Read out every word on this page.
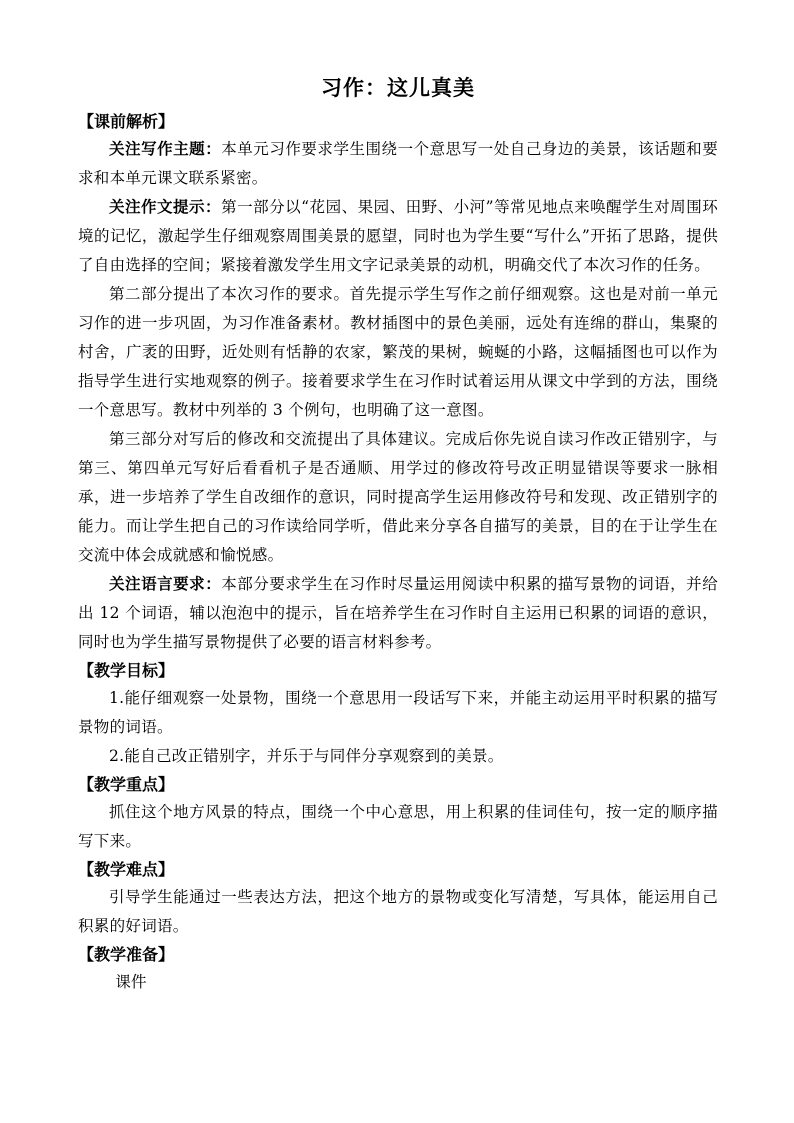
习作：这儿真美

【课前解析】

关注写作主题：本单元习作要求学生围绕一个意思写一处自己身边的美景，该话题和要求和本单元课文联系紧密。

关注作文提示：第一部分以“花园、果园、田野、小河”等常见地点来唤醒学生对周围环境的记忆，激起学生仔细观察周围美景的愿望，同时也为学生要“写什么”开拓了思路，提供了自由选择的空间；紧接着激发学生用文字记录美景的动机，明确交代了本次习作的任务。

第二部分提出了本次习作的要求。首先提示学生写作之前仔细观察。这也是对前一单元习作的进一步巩固，为习作准备素材。教材插图中的景色美丽，远处有连绵的群山，集聚的村舍，广袤的田野，近处则有恬静的农家，繁茂的果树，蜿蜒的小路，这幅插图也可以作为指导学生进行实地观察的例子。接着要求学生在习作时试着运用从课文中学到的方法，围绕一个意思写。教材中列举的 3 个例句，也明确了这一意图。

第三部分对写后的修改和交流提出了具体建议。完成后你先说自读习作改正错别字，与第三、第四单元写好后看看机子是否通顺、用学过的修改符号改正明显错误等要求一脉相承，进一步培养了学生自改细作的意识，同时提高学生运用修改符号和发现、改正错别字的能力。而让学生把自己的习作读给同学听，借此来分享各自描写的美景，目的在于让学生在交流中体会成就感和愉悦感。

关注语言要求：本部分要求学生在习作时尽量运用阅读中积累的描写景物的词语，并给出 12 个词语，辅以泡泡中的提示，旨在培养学生在习作时自主运用已积累的词语的意识，同时也为学生描写景物提供了必要的语言材料参考。

【教学目标】

1.能仔细观察一处景物，围绕一个意思用一段话写下来，并能主动运用平时积累的描写景物的词语。

2.能自己改正错别字，并乐于与同伴分享观察到的美景。

【教学重点】

抓住这个地方风景的特点，围绕一个中心意思，用上积累的佳词佳句，按一定的顺序描写下来。

【教学难点】

引导学生能通过一些表达方法，把这个地方的景物或变化写清楚，写具体，能运用自己积累的好词语。

【教学准备】

课件
